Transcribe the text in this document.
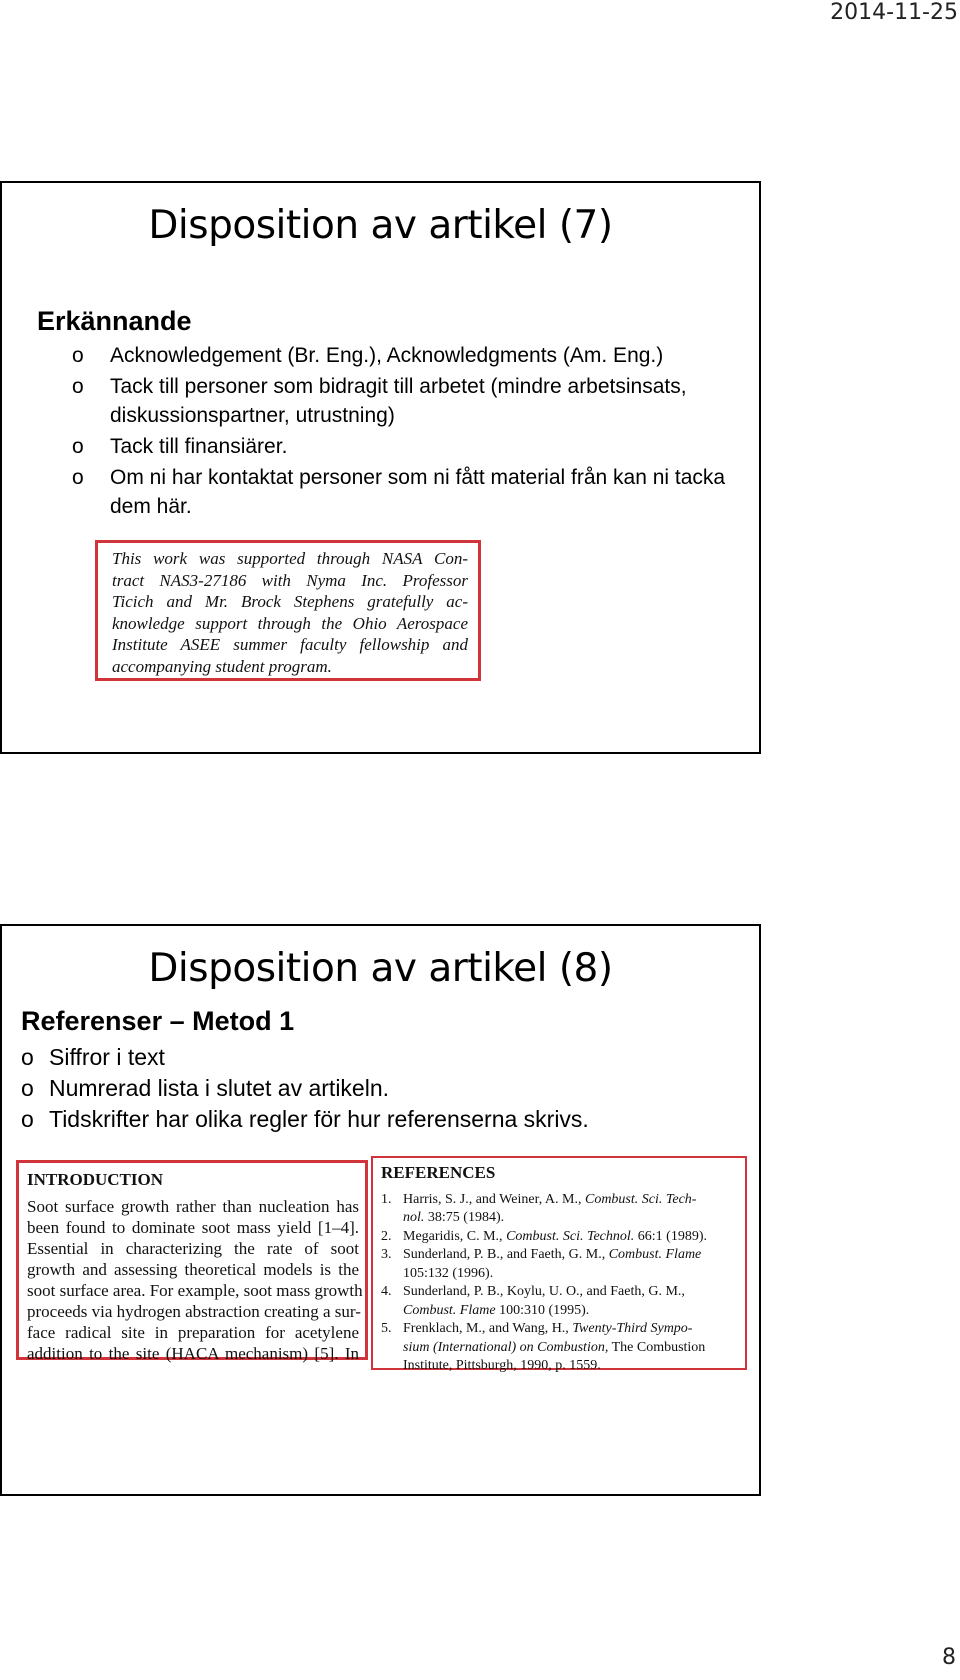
2014-11-25
Disposition av artikel (7)
Erkännande
o Acknowledgement (Br. Eng.), Acknowledgments (Am. Eng.)
o Tack till personer som bidragit till arbetet (mindre arbetsinsats, diskussionspartner, utrustning)
o Tack till finansiärer.
o Om ni har kontaktat personer som ni fått material från kan ni tacka dem här.
This work was supported through NASA Con-
tract NAS3-27186 with Nyma Inc. Professor
Ticich and Mr. Brock Stephens gratefully ac-
knowledge support through the Ohio Aerospace
Institute ASEE summer faculty fellowship and
accompanying student program.
Disposition av artikel (8)
Referenser – Metod 1
o Siffror i text
o Numrerad lista i slutet av artikeln.
o Tidskrifter har olika regler för hur referenserna skrivs.
INTRODUCTION
Soot surface growth rather than nucleation has
been found to dominate soot mass yield [1–4].
Essential in characterizing the rate of soot
growth and assessing theoretical models is the
soot surface area. For example, soot mass growth
proceeds via hydrogen abstraction creating a sur-
face radical site in preparation for acetylene
addition to the site (HACA mechanism) [5]. In
REFERENCES
1. Harris, S. J., and Weiner, A. M., Combust. Sci. Tech-
nol. 38:75 (1984).
2. Megaridis, C. M., Combust. Sci. Technol. 66:1 (1989).
3. Sunderland, P. B., and Faeth, G. M., Combust. Flame
105:132 (1996).
4. Sunderland, P. B., Koylu, U. O., and Faeth, G. M.,
Combust. Flame 100:310 (1995).
5. Frenklach, M., and Wang, H., Twenty-Third Sympo-
sium (International) on Combustion, The Combustion
Institute, Pittsburgh, 1990, p. 1559.
8
